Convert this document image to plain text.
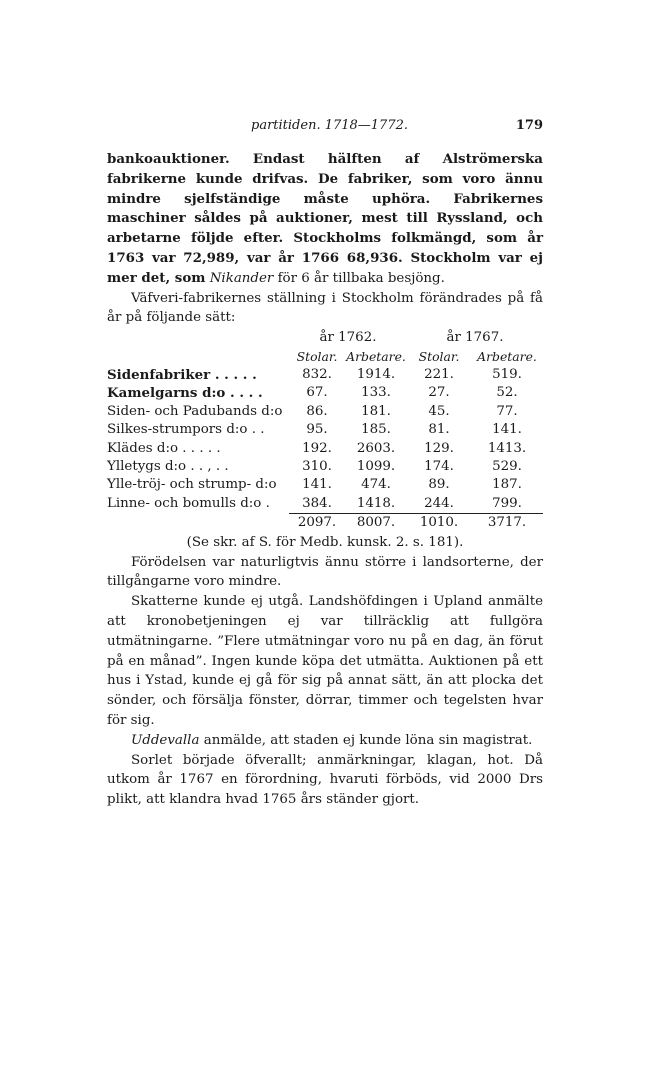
partitiden. 1718—1772.	179

bankoauktioner. Endast hälften af Alströmerska fabrikerne kunde drifvas. De fabriker, som voro ännu mindre sjelfständige måste uphöra. Fabrikernes maschiner såldes på auktioner, mest till Ryssland, och arbetarne följde efter. Stockholms folkmängd, som år 1763 var 72,989, var år 1766 68,936. Stockholm var ej mer det, som Nikander för 6 år tillbaka besjöng.

Väfveri-fabrikernes ställning i Stockholm förändrades på få år på följande sätt:

	år 1762.		år 1767.	
	Stolar.	Arbetare.	Stolar.	Arbetare.
Sidenfabriker . . . . .	832.	1914.	221.	519.
Kamelgarns d:o . . . .	67.	133.	27.	52.
Siden- och Padubands d:o	86.	181.	45.	77.
Silkes-strumpors d:o . .	95.	185.	81.	141.
Klädes d:o . . . . .	192.	2603.	129.	1413.
Ylletygs d:o . . , . .	310.	1099.	174.	529.
Ylle-tröj- och strump- d:o	141.	474.	89.	187.
Linne- och bomulls d:o .	384.	1418.	244.	799.
	2097.	8007.	1010.	3717.

(Se skr. af S. för Medb. kunsk. 2. s. 181).

Förödelsen var naturligtvis ännu större i landsorterne, der tillgångarne voro mindre.

Skatterne kunde ej utgå. Landshöfdingen i Upland anmälte att kronobetjeningen ej var tillräcklig att fullgöra utmätningarne. ”Flere utmätningar voro nu på en dag, än förut på en månad”. Ingen kunde köpa det utmätta. Auktionen på ett hus i Ystad, kunde ej gå för sig på annat sätt, än att plocka det sönder, och försälja fönster, dörrar, timmer och tegelsten hvar för sig.

Uddevalla anmälde, att staden ej kunde löna sin magistrat.

Sorlet började öfverallt; anmärkningar, klagan, hot. Då utkom år 1767 en förordning, hvaruti förböds, vid 2000 Drs plikt, att klandra hvad 1765 års ständer gjort.
